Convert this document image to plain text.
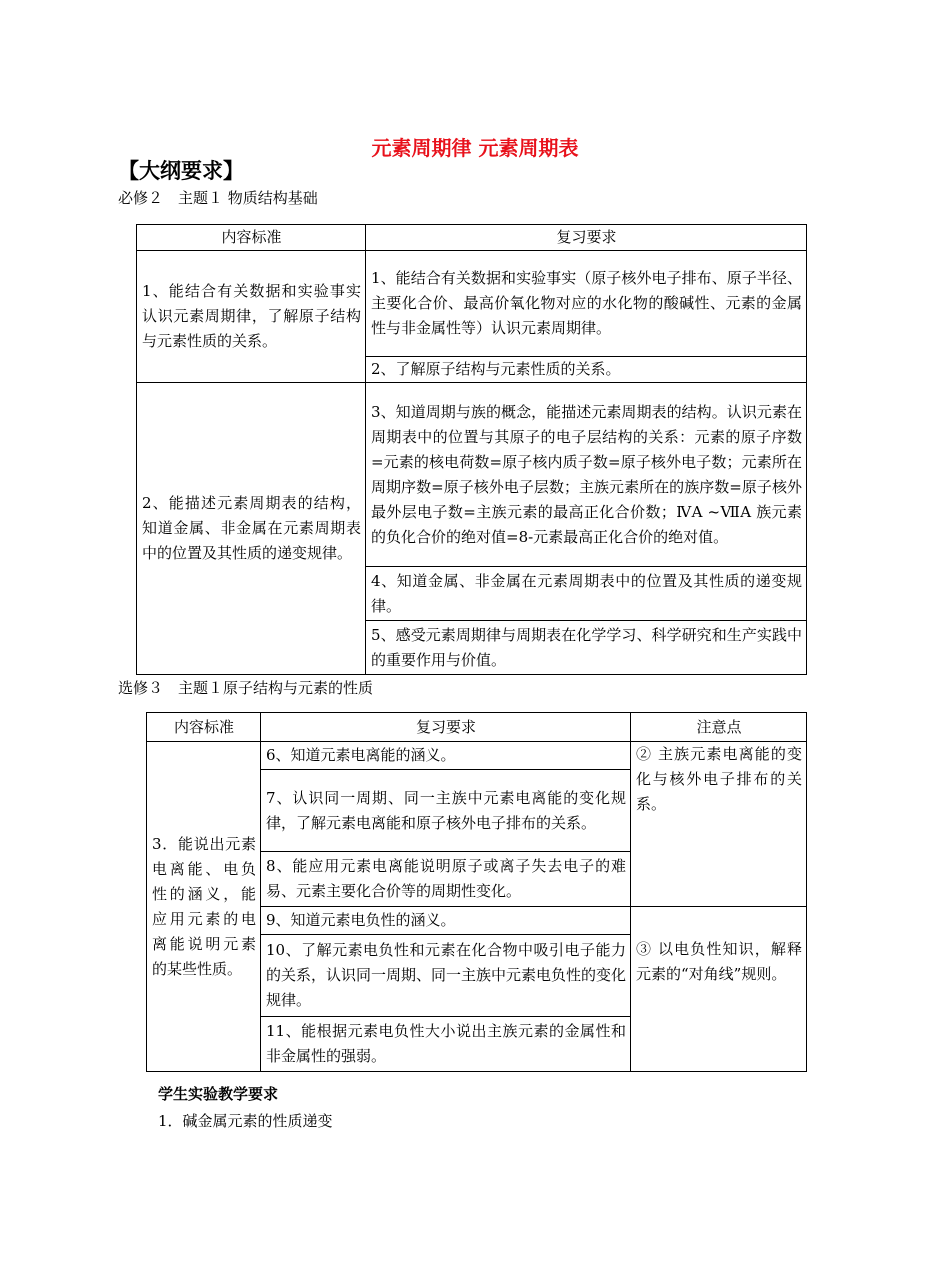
元素周期律 元素周期表
【大纲要求】
必修２　主题１ 物质结构基础
内容标准	复习要求
1、能结合有关数据和实验事实认识元素周期律，了解原子结构与元素性质的关系。	1、能结合有关数据和实验事实（原子核外电子排布、原子半径、主要化合价、最高价氧化物对应的水化物的酸碱性、元素的金属性与非金属性等）认识元素周期律。
	2、了解原子结构与元素性质的关系。
2、能描述元素周期表的结构，知道金属、非金属在元素周期表中的位置及其性质的递变规律。	3、知道周期与族的概念，能描述元素周期表的结构。认识元素在周期表中的位置与其原子的电子层结构的关系：元素的原子序数=元素的核电荷数=原子核内质子数=原子核外电子数；元素所在周期序数=原子核外电子层数；主族元素所在的族序数=原子核外最外层电子数=主族元素的最高正化合价数；ⅣA ~ⅦA 族元素的负化合价的绝对值=8-元素最高正化合价的绝对值。
	4、知道金属、非金属在元素周期表中的位置及其性质的递变规律。
	5、感受元素周期律与周期表在化学学习、科学研究和生产实践中的重要作用与价值。
选修３　主题１原子结构与元素的性质
内容标准	复习要求	注意点
3．能说出元素电离能、电负性的涵义，能应用元素的电离能说明元素的某些性质。	6、知道元素电离能的涵义。	② 主族元素电离能的变化与核外电子排布的关系。
	7、认识同一周期、同一主族中元素电离能的变化规律，了解元素电离能和原子核外电子排布的关系。	
	8、能应用元素电离能说明原子或离子失去电子的难易、元素主要化合价等的周期性变化。	
	9、知道元素电负性的涵义。	③ 以电负性知识，解释元素的“对角线”规则。
	10、了解元素电负性和元素在化合物中吸引电子能力的关系，认识同一周期、同一主族中元素电负性的变化规律。	
	11、能根据元素电负性大小说出主族元素的金属性和非金属性的强弱。	
学生实验教学要求
1．碱金属元素的性质递变
